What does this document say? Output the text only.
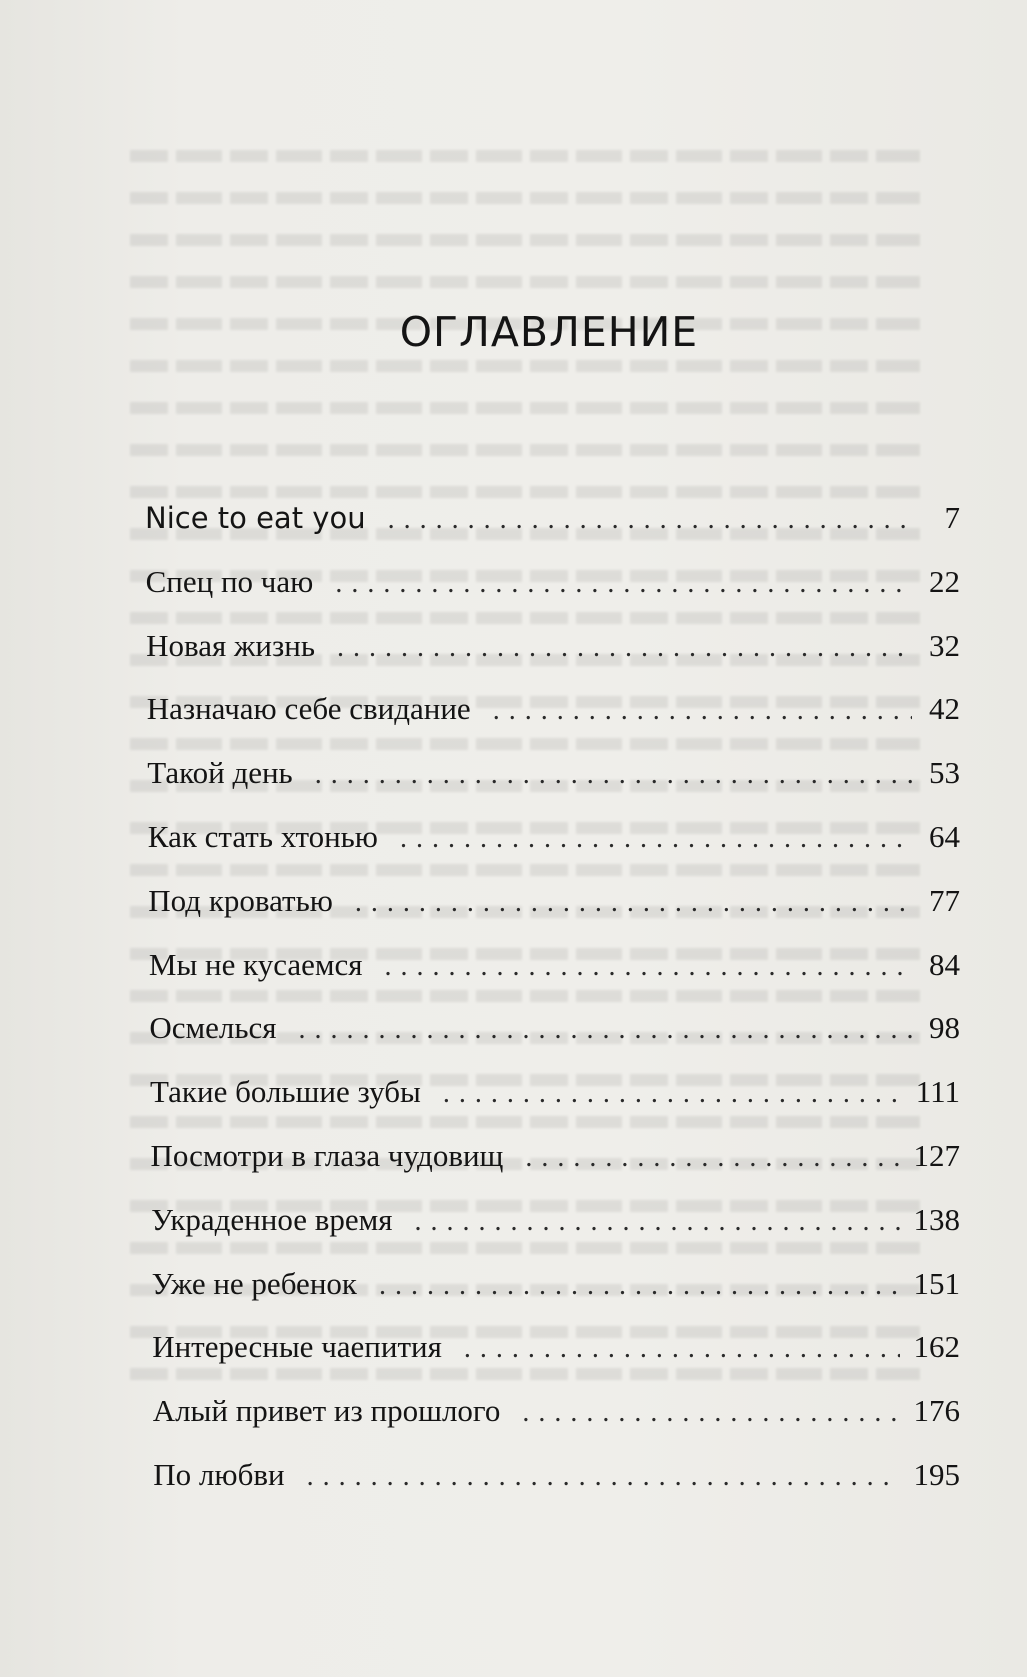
ОГЛАВЛЕНИЕ
Nice to eat you . . .	7
Спец по чаю . . .	22
Новая жизнь . . .	32
Назначаю себе свидание . . .	42
Такой день . . .	53
Как стать хтонью . . .	64
Под кроватью . . .	77
Мы не кусаемся . . .	84
Осмелься . . .	98
Такие большие зубы . . .	111
Посмотри в глаза чудовищ . . .	127
Украденное время . . .	138
Уже не ребенок . . .	151
Интересные чаепития . . .	162
Алый привет из прошлого . . .	176
По любви . . .	195
